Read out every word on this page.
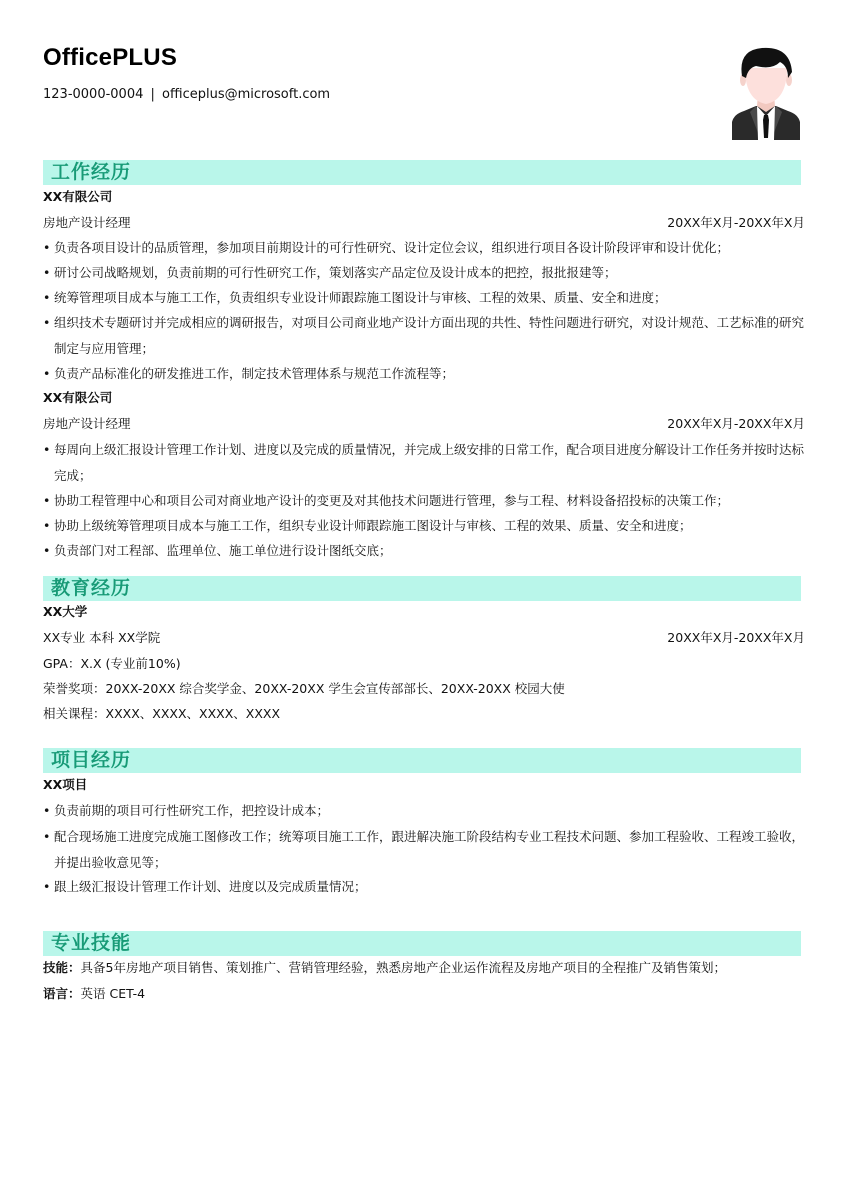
OfficePLUS
123-0000-0004 | officeplus@microsoft.com
工作经历
XX有限公司
房地产设计经理	20XX年X月-20XX年X月
• 负责各项目设计的品质管理，参加项目前期设计的可行性研究、设计定位会议，组织进行项目各设计阶段评审和设计优化；
• 研讨公司战略规划，负责前期的可行性研究工作，策划落实产品定位及设计成本的把控，报批报建等；
• 统筹管理项目成本与施工工作，负责组织专业设计师跟踪施工图设计与审核、工程的效果、质量、安全和进度；
• 组织技术专题研讨并完成相应的调研报告，对项目公司商业地产设计方面出现的共性、特性问题进行研究，对设计规范、工艺标准的研究制定与应用管理；
• 负责产品标准化的研发推进工作，制定技术管理体系与规范工作流程等；
XX有限公司
房地产设计经理	20XX年X月-20XX年X月
• 每周向上级汇报设计管理工作计划、进度以及完成的质量情况，并完成上级安排的日常工作，配合项目进度分解设计工作任务并按时达标完成；
• 协助工程管理中心和项目公司对商业地产设计的变更及对其他技术问题进行管理，参与工程、材料设备招投标的决策工作；
• 协助上级统筹管理项目成本与施工工作，组织专业设计师跟踪施工图设计与审核、工程的效果、质量、安全和进度；
• 负责部门对工程部、监理单位、施工单位进行设计图纸交底；
教育经历
XX大学
XX专业 本科 XX学院	20XX年X月-20XX年X月
GPA：X.X (专业前10%)
荣誉奖项：20XX-20XX 综合奖学金、20XX-20XX 学生会宣传部部长、20XX-20XX 校园大使
相关课程：XXXX、XXXX、XXXX、XXXX
项目经历
XX项目
• 负责前期的项目可行性研究工作，把控设计成本；
• 配合现场施工进度完成施工图修改工作；统筹项目施工工作，跟进解决施工阶段结构专业工程技术问题、参加工程验收、工程竣工验收，并提出验收意见等；
• 跟上级汇报设计管理工作计划、进度以及完成质量情况；
专业技能
技能：具备5年房地产项目销售、策划推广、营销管理经验，熟悉房地产企业运作流程及房地产项目的全程推广及销售策划；
语言：英语 CET-4
